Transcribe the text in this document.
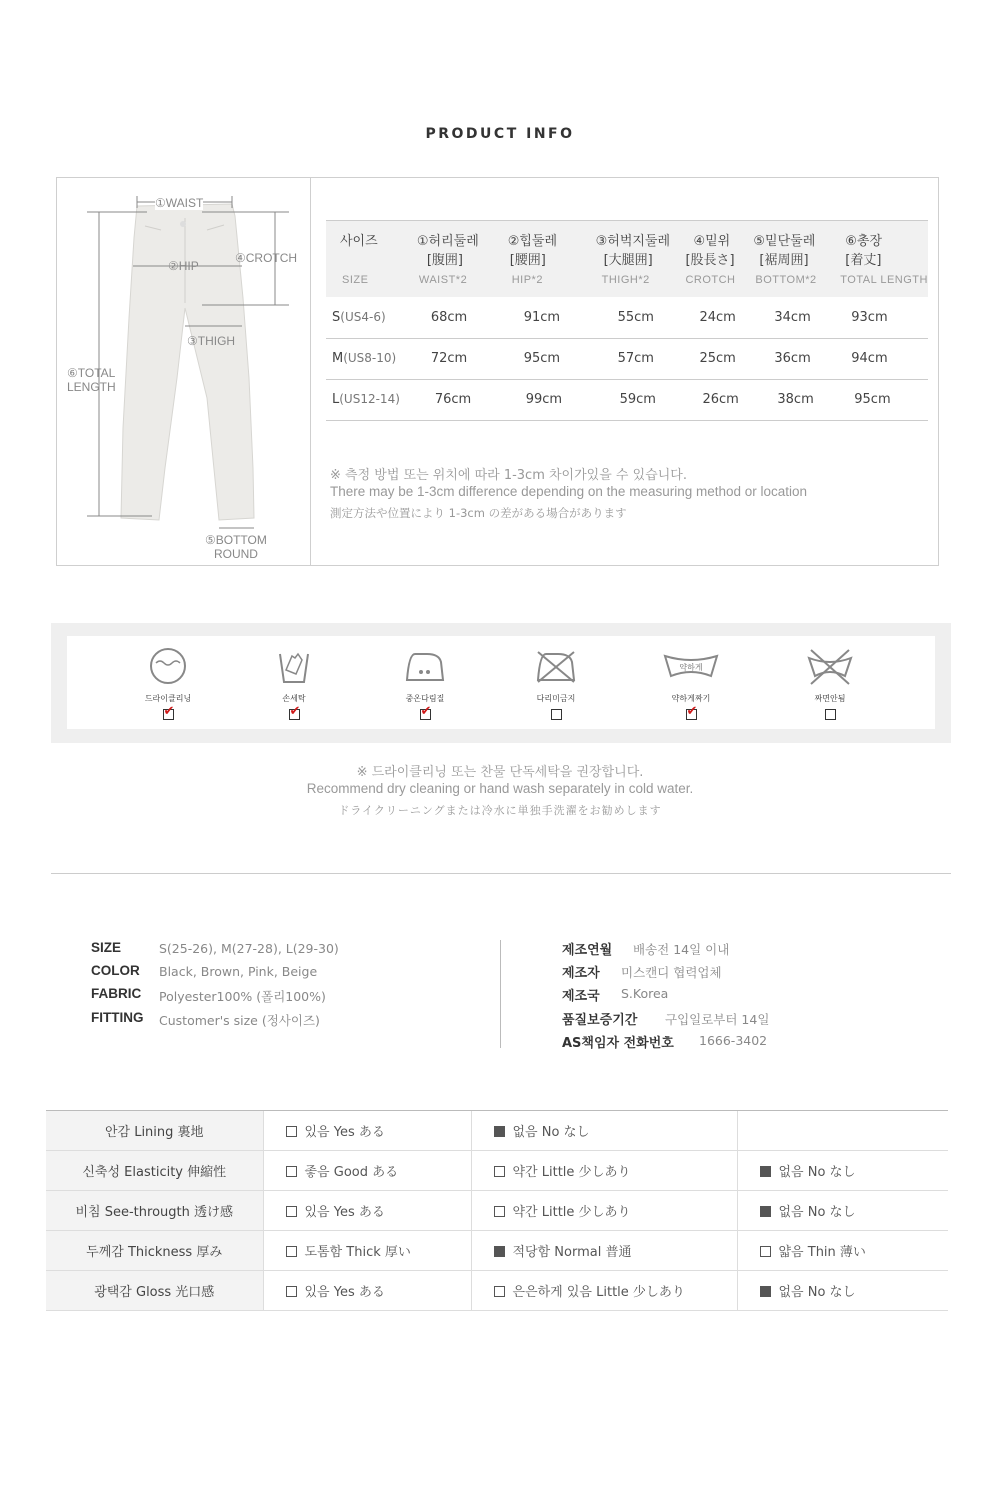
PRODUCT INFO
①WAIST
②HIP
④CROTCH
③THIGH
⑥TOTAL
LENGTH
⑤BOTTOM
ROUND
사이즈	①허리둘레	②힙둘레	③허벅지둘레	④밑위	⑤밑단둘레	⑥총장
	[腹囲]	[腰囲]	[大腿囲]	[股長さ]	[裾周囲]	[着丈]
SIZE	WAIST*2	HIP*2	THIGH*2	CROTCH	BOTTOM*2	TOTAL LENGTH
S(US4-6)	68cm	91cm	55cm	24cm	34cm	93cm
M(US8-10)	72cm	95cm	57cm	25cm	36cm	94cm
L(US12-14)	76cm	99cm	59cm	26cm	38cm	95cm
※ 측정 방법 또는 위치에 따라 1-3cm 차이가있을 수 있습니다.
There may be 1-3cm difference depending on the measuring method or location
測定方法や位置により 1-3cm の差がある場合があります
드라이클리닝
✔	손세탁
✔	중온다림질
✔	다리미금지
약하게
약하게짜기
✔	짜면안됨
※ 드라이클리닝 또는 찬물 단독세탁을 권장합니다.
Recommend dry cleaning or hand wash separately in cold water.
ドライクリーニングまたは冷水に単独手洗濯をお勧めします
SIZE	S(25-26), M(27-28), L(29-30)
COLOR Black, Brown, Pink, Beige
FABRIC Polyester100% (폴리100%)
FITTING Customer's size (정사이즈)
제조연월 배송전 14일 이내
제조자 미스캔디 협력업체
제조국 S.Korea
품질보증기간 구입일로부터 14일
AS책임자 전화번호 1666-3402
안감 Lining 裏地	있음 Yes ある	없음 No なし	
신축성 Elasticity 伸縮性	좋음 Good ある	약간 Little 少しあり	없음 No なし
비침 See-througth 透け感	있음 Yes ある	약간 Little 少しあり	없음 No なし
두께감 Thickness 厚み	도톰함 Thick 厚い	적당함 Normal 普通	얇음 Thin 薄い
광택감 Gloss 光口感	있음 Yes ある	은은하게 있음 Little 少しあり	없음 No なし
